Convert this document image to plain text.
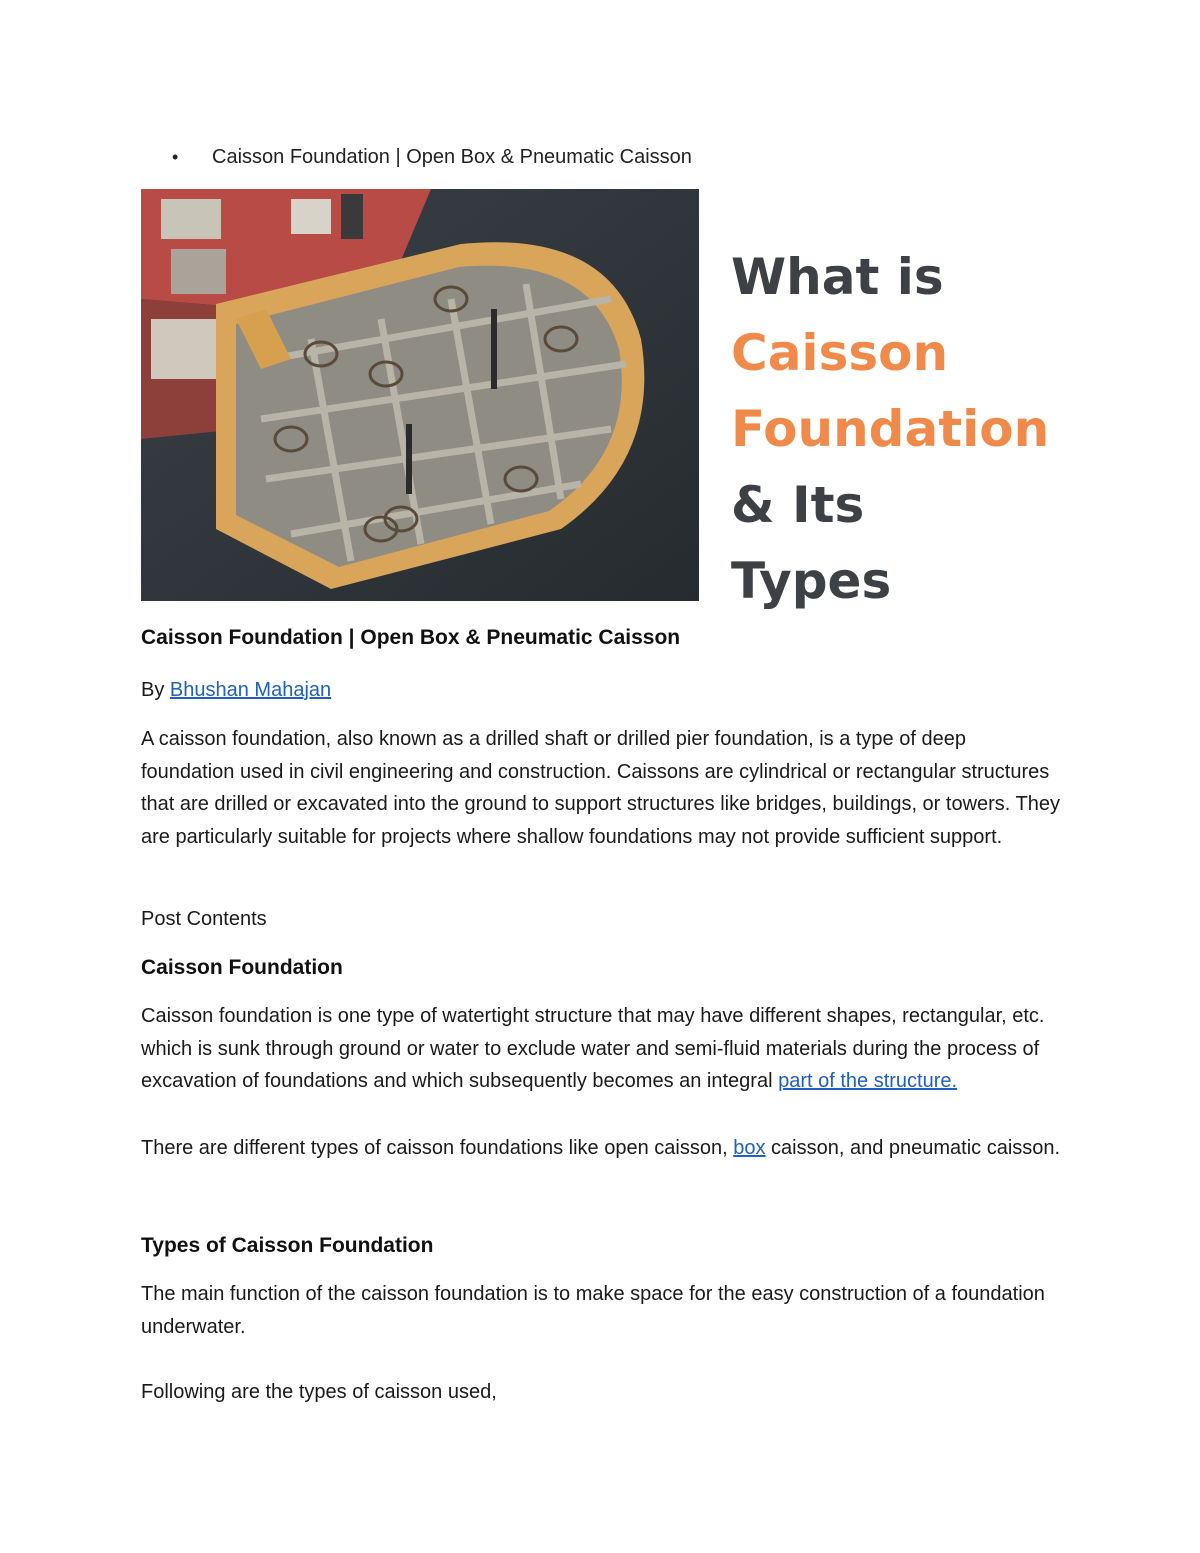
• Caisson Foundation | Open Box & Pneumatic Caisson
What is
Caisson
Foundation
& Its Types

Caisson Foundation | Open Box & Pneumatic Caisson

By Bhushan Mahajan

A caisson foundation, also known as a drilled shaft or drilled pier foundation, is a type of deep foundation used in civil engineering and construction. Caissons are cylindrical or rectangular structures that are drilled or excavated into the ground to support structures like bridges, buildings, or towers. They are particularly suitable for projects where shallow foundations may not provide sufficient support.

Post Contents

Caisson Foundation

Caisson foundation is one type of watertight structure that may have different shapes, rectangular, etc. which is sunk through ground or water to exclude water and semi-fluid materials during the process of excavation of foundations and which subsequently becomes an integral part of the structure.

There are different types of caisson foundations like open caisson, box caisson, and pneumatic caisson.

Types of Caisson Foundation

The main function of the caisson foundation is to make space for the easy construction of a foundation underwater.

Following are the types of caisson used,
